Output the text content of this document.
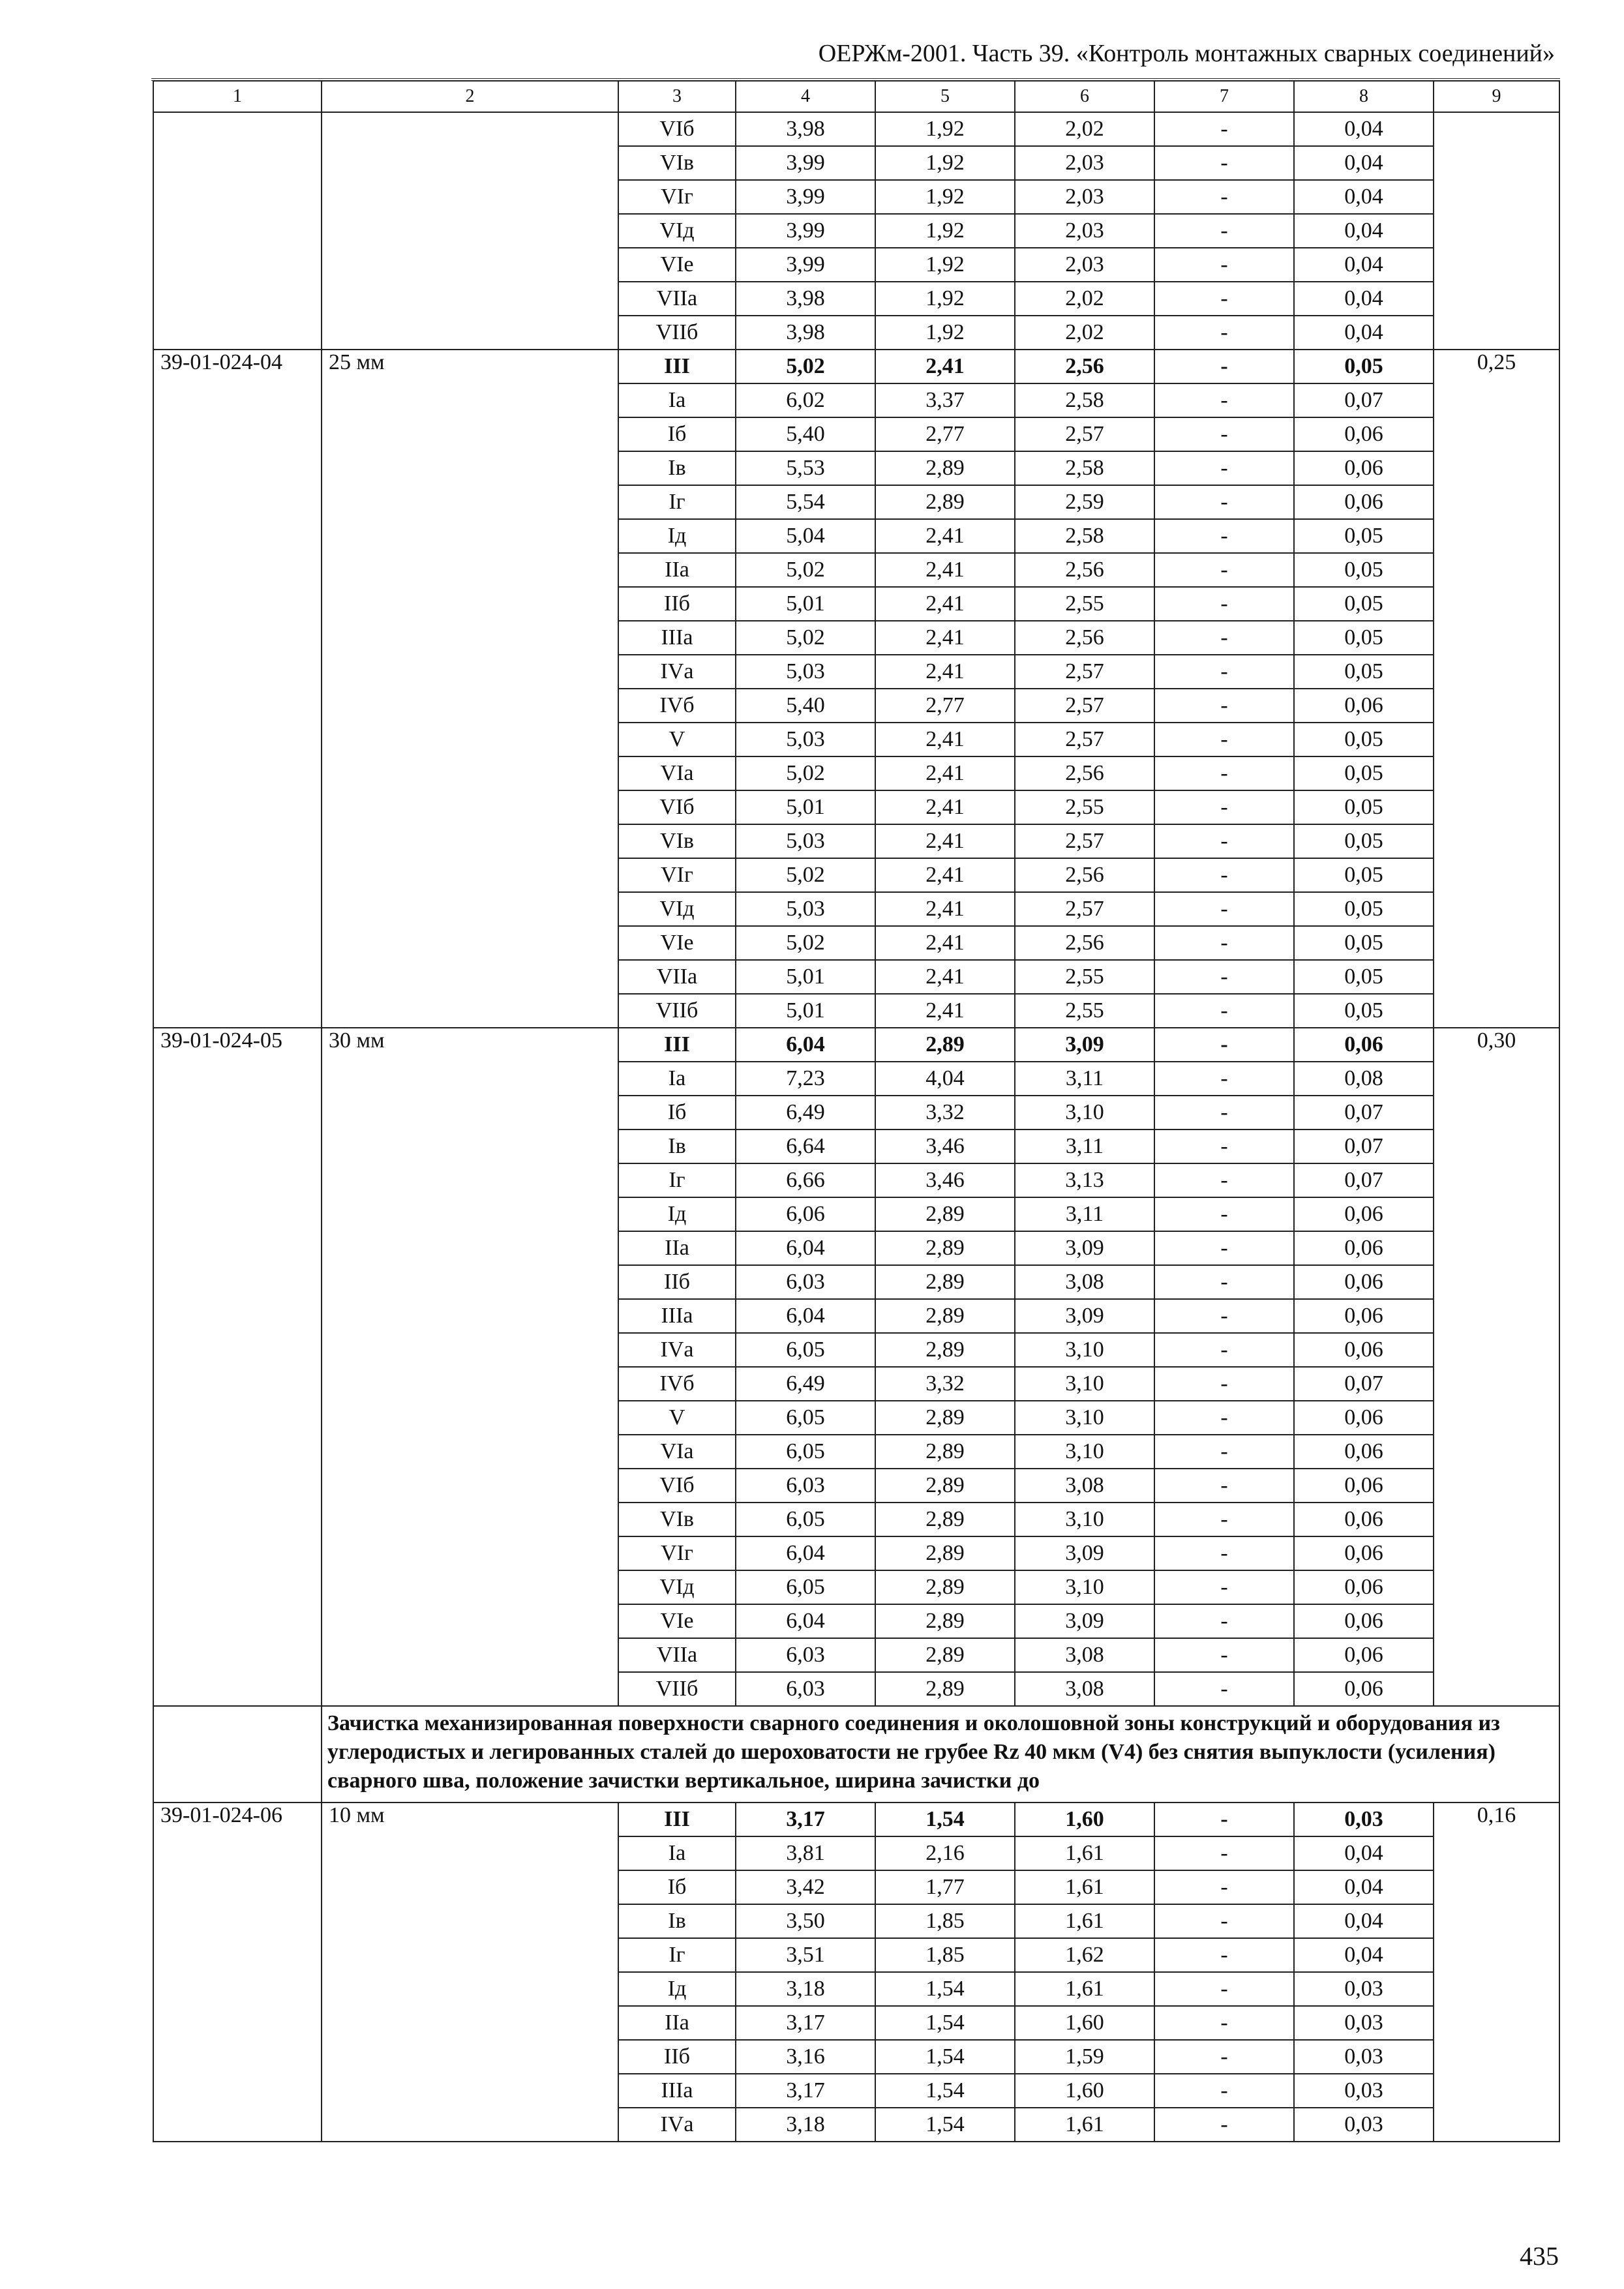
ОЕРЖм-2001. Часть 39. «Контроль монтажных сварных соединений»
1	2	3	4	5	6	7	8	9
		VIб	3,98	1,92	2,02	-	0,04	
		VIв	3,99	1,92	2,03	-	0,04	
		VIг	3,99	1,92	2,03	-	0,04	
		VIд	3,99	1,92	2,03	-	0,04	
		VIе	3,99	1,92	2,03	-	0,04	
		VIIа	3,98	1,92	2,02	-	0,04	
		VIIб	3,98	1,92	2,02	-	0,04	
39-01-024-04	25 мм	III	5,02	2,41	2,56	-	0,05	0,25
		Iа	6,02	3,37	2,58	-	0,07	
		Iб	5,40	2,77	2,57	-	0,06	
		Iв	5,53	2,89	2,58	-	0,06	
		Iг	5,54	2,89	2,59	-	0,06	
		Iд	5,04	2,41	2,58	-	0,05	
		IIа	5,02	2,41	2,56	-	0,05	
		IIб	5,01	2,41	2,55	-	0,05	
		IIIа	5,02	2,41	2,56	-	0,05	
		IVа	5,03	2,41	2,57	-	0,05	
		IVб	5,40	2,77	2,57	-	0,06	
		V	5,03	2,41	2,57	-	0,05	
		VIа	5,02	2,41	2,56	-	0,05	
		VIб	5,01	2,41	2,55	-	0,05	
		VIв	5,03	2,41	2,57	-	0,05	
		VIг	5,02	2,41	2,56	-	0,05	
		VIд	5,03	2,41	2,57	-	0,05	
		VIе	5,02	2,41	2,56	-	0,05	
		VIIа	5,01	2,41	2,55	-	0,05	
		VIIб	5,01	2,41	2,55	-	0,05	
39-01-024-05	30 мм	III	6,04	2,89	3,09	-	0,06	0,30
		Iа	7,23	4,04	3,11	-	0,08	
		Iб	6,49	3,32	3,10	-	0,07	
		Iв	6,64	3,46	3,11	-	0,07	
		Iг	6,66	3,46	3,13	-	0,07	
		Iд	6,06	2,89	3,11	-	0,06	
		IIа	6,04	2,89	3,09	-	0,06	
		IIб	6,03	2,89	3,08	-	0,06	
		IIIа	6,04	2,89	3,09	-	0,06	
		IVа	6,05	2,89	3,10	-	0,06	
		IVб	6,49	3,32	3,10	-	0,07	
		V	6,05	2,89	3,10	-	0,06	
		VIа	6,05	2,89	3,10	-	0,06	
		VIб	6,03	2,89	3,08	-	0,06	
		VIв	6,05	2,89	3,10	-	0,06	
		VIг	6,04	2,89	3,09	-	0,06	
		VIд	6,05	2,89	3,10	-	0,06	
		VIе	6,04	2,89	3,09	-	0,06	
		VIIа	6,03	2,89	3,08	-	0,06	
		VIIб	6,03	2,89	3,08	-	0,06	
	Зачистка механизированная поверхности сварного соединения и околошовной зоны конструкций и оборудования из углеродистых и легированных сталей до шероховатости не грубее Rz 40 мкм (V4) без снятия выпуклости (усиления) сварного шва, положение зачистки вертикальное, ширина зачистки до							
39-01-024-06	10 мм	III	3,17	1,54	1,60	-	0,03	0,16
		Iа	3,81	2,16	1,61	-	0,04	
		Iб	3,42	1,77	1,61	-	0,04	
		Iв	3,50	1,85	1,61	-	0,04	
		Iг	3,51	1,85	1,62	-	0,04	
		Iд	3,18	1,54	1,61	-	0,03	
		IIа	3,17	1,54	1,60	-	0,03	
		IIб	3,16	1,54	1,59	-	0,03	
		IIIа	3,17	1,54	1,60	-	0,03	
		IVа	3,18	1,54	1,61	-	0,03	
435
